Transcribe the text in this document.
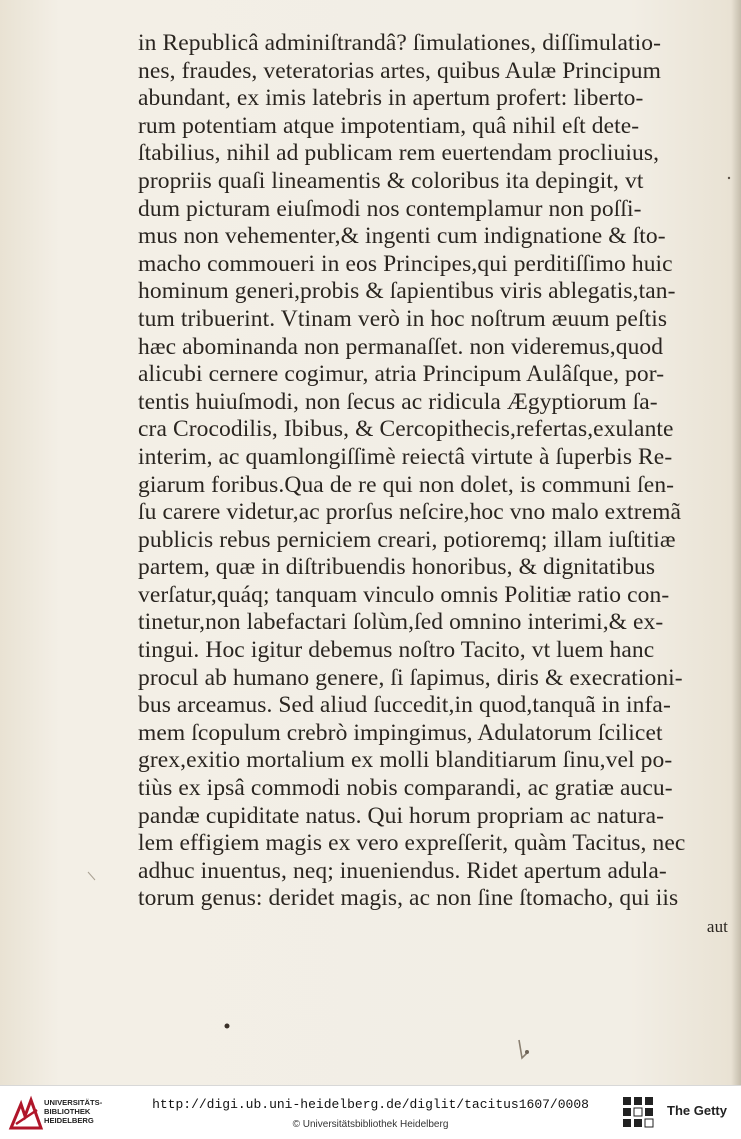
in Republicâ adminiſtrandâ? ſimulationes, diſſimulatio-
nes, fraudes, veteratorias artes, quibus Aulæ Principum
abundant, ex imis latebris in apertum profert: liberto-
rum potentiam atque impotentiam, quâ nihil eſt dete-
ſtabilius, nihil ad publicam rem euertendam procliuius,
propriis quaſi lineamentis & coloribus ita depingit, vt
dum picturam eiuſmodi nos contemplamur non poſſi-
mus non vehementer,& ingenti cum indignatione & ſto-
macho commoueri in eos Principes,qui perditiſſimo huic
hominum generi,probis & ſapientibus viris ablegatis,tan-
tum tribuerint. Vtinam verò in hoc noſtrum æuum peſtis
hæc abominanda non permanaſſet. non videremus,quod
alicubi cernere cogimur, atria Principum Aulâſque, por-
tentis huiuſmodi, non ſecus ac ridicula Ægyptiorum ſa-
cra Crocodilis, Ibibus, & Cercopithecis,refertas,exulante
interim, ac quamlongiſſimè reiectâ virtute à ſuperbis Re-
giarum foribus.Qua de re qui non dolet, is communi ſen-
ſu carere videtur,ac prorſus neſcire,hoc vno malo extremã
publicis rebus perniciem creari, potioremq; illam iuſtitiæ
partem, quæ in diſtribuendis honoribus, & dignitatibus
verſatur,quáq; tanquam vinculo omnis Politiæ ratio con-
tinetur,non labefactari ſolùm,ſed omnino interimi,& ex-
tingui. Hoc igitur debemus noſtro Tacito, vt luem hanc
procul ab humano genere, ſi ſapimus, diris & execrationi-
bus arceamus. Sed aliud ſuccedit,in quod,tanquã in infa-
mem ſcopulum crebrò impingimus, Adulatorum ſcilicet
grex,exitio mortalium ex molli blanditiarum ſinu,vel po-
tiùs ex ipsâ commodi nobis comparandi, ac gratiæ aucu-
pandæ cupiditate natus. Qui horum propriam ac natura-
lem effigiem magis ex vero expreſſerit, quàm Tacitus, nec
adhuc inuentus, neq; inueniendus. Ridet apertum adula-
torum genus: deridet magis, ac non ſine ſtomacho, qui iis
aut
UNIVERSITÄTS-
BIBLIOTHEK
HEIDELBERG
http://digi.ub.uni-heidelberg.de/diglit/tacitus1607/0008
© Universitätsbibliothek Heidelberg
The Getty
